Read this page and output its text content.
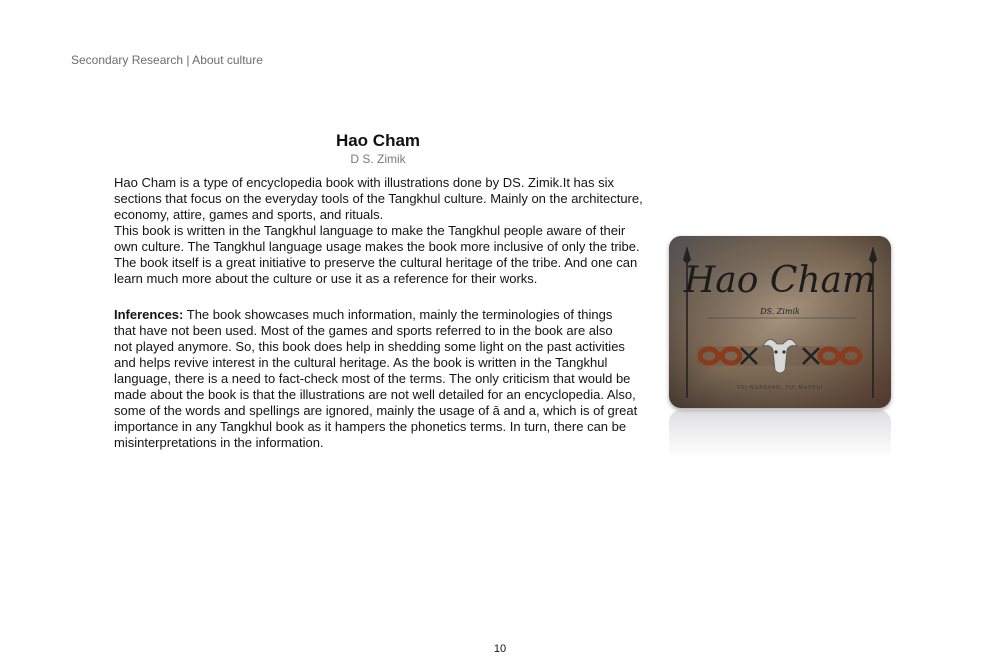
Secondary Research | About culture
Hao Cham
D S. Zimik

Hao Cham is a type of encyclopedia book with illustrations done by DS. Zimik.It has six
sections that focus on the everyday tools of the Tangkhul culture. Mainly on the architecture,
economy, attire, games and sports, and rituals.
This book is written in the Tangkhul language to make the Tangkhul people aware of their
own culture. The Tangkhul language usage makes the book more inclusive of only the tribe.
The book itself is a great initiative to preserve the cultural heritage of the tribe. And one can
learn much more about the culture or use it as a reference for their works.

Inferences: The book showcases much information, mainly the terminologies of things
that have not been used. Most of the games and sports referred to in the book are also
not played anymore. So, this book does help in shedding some light on the past activities
and helps revive interest in the cultural heritage. As the book is written in the Tangkhul
language, there is a need to fact-check most of the terms. The only criticism that would be
made about the book is that the illustrations are not well detailed for an encyclopedia. Also,
some of the words and spellings are ignored, mainly the usage of ā and a, which is of great
importance in any Tangkhul book as it hampers the phonetics terms. In turn, there can be
misinterpretations in the information.

Hao Cham
DS. Zimik
YUI NGASHAN, YUI MASHUI
10
